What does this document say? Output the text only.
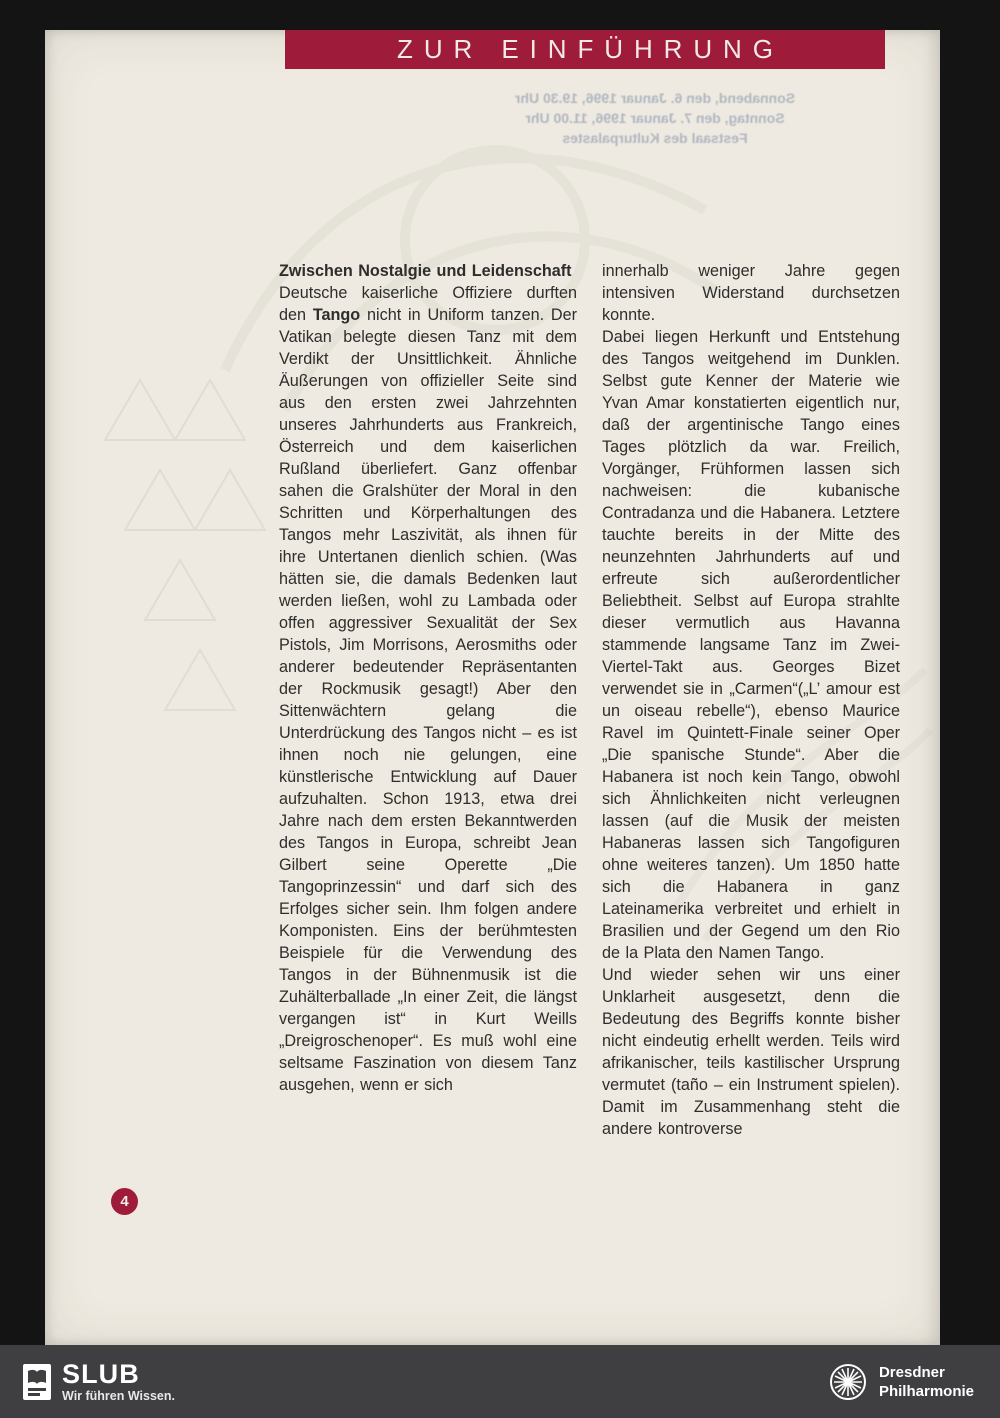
ZUR EINFÜHRUNG
Sonnabend, den 6. Januar 1996, 19.30 Uhr
Sonntag, den 7. Januar 1996, 11.00 Uhr
Festsaal des Kulturpalastes
Zwischen Nostalgie und Leidenschaft

Deutsche kaiserliche Offiziere durften den Tango nicht in Uniform tanzen. Der Vatikan belegte diesen Tanz mit dem Verdikt der Unsittlichkeit. Ähnliche Äußerungen von offizieller Seite sind aus den ersten zwei Jahrzehnten unseres Jahrhunderts aus Frankreich, Österreich und dem kaiserlichen Rußland überliefert. Ganz offenbar sahen die Gralshüter der Moral in den Schritten und Körperhaltungen des Tangos mehr Laszivität, als ihnen für ihre Untertanen dienlich schien. (Was hätten sie, die damals Bedenken laut werden ließen, wohl zu Lambada oder offen aggressiver Sexualität der Sex Pistols, Jim Morrisons, Aerosmiths oder anderer bedeutender Repräsentanten der Rockmusik gesagt!) Aber den Sittenwächtern gelang die Unterdrückung des Tangos nicht – es ist ihnen noch nie gelungen, eine künstlerische Entwicklung auf Dauer aufzuhalten. Schon 1913, etwa drei Jahre nach dem ersten Bekanntwerden des Tangos in Europa, schreibt Jean Gilbert seine Operette „Die Tangoprinzessin“ und darf sich des Erfolges sicher sein. Ihm folgen andere Komponisten. Eins der berühmtesten Beispiele für die Verwendung des Tangos in der Bühnenmusik ist die Zuhälterballade „In einer Zeit, die längst vergangen ist“ in Kurt Weills „Dreigroschenoper“. Es muß wohl eine seltsame Faszination von diesem Tanz ausgehen, wenn er sich

innerhalb weniger Jahre gegen intensiven Widerstand durchsetzen konnte.

Dabei liegen Herkunft und Entstehung des Tangos weitgehend im Dunklen. Selbst gute Kenner der Materie wie Yvan Amar konstatierten eigentlich nur, daß der argentinische Tango eines Tages plötzlich da war. Freilich, Vorgänger, Frühformen lassen sich nachweisen: die kubanische Contradanza und die Habanera. Letztere tauchte bereits in der Mitte des neunzehnten Jahrhunderts auf und erfreute sich außerordentlicher Beliebtheit. Selbst auf Europa strahlte dieser vermutlich aus Havanna stammende langsame Tanz im Zwei-Viertel-Takt aus. Georges Bizet verwendet sie in „Carmen“(„L’ amour est un oiseau rebelle“), ebenso Maurice Ravel im Quintett-Finale seiner Oper „Die spanische Stunde“. Aber die Habanera ist noch kein Tango, obwohl sich Ähnlichkeiten nicht verleugnen lassen (auf die Musik der meisten Habaneras lassen sich Tangofiguren ohne weiteres tanzen). Um 1850 hatte sich die Habanera in ganz Lateinamerika verbreitet und erhielt in Brasilien und der Gegend um den Rio de la Plata den Namen Tango.

Und wieder sehen wir uns einer Unklarheit ausgesetzt, denn die Bedeutung des Begriffs konnte bisher nicht eindeutig erhellt werden. Teils wird afrikanischer, teils kastilischer Ursprung vermutet (taño – ein Instrument spielen). Damit im Zusammenhang steht die andere kontroverse

4
SLUB
Wir führen Wissen.
Dresdner
Philharmonie
